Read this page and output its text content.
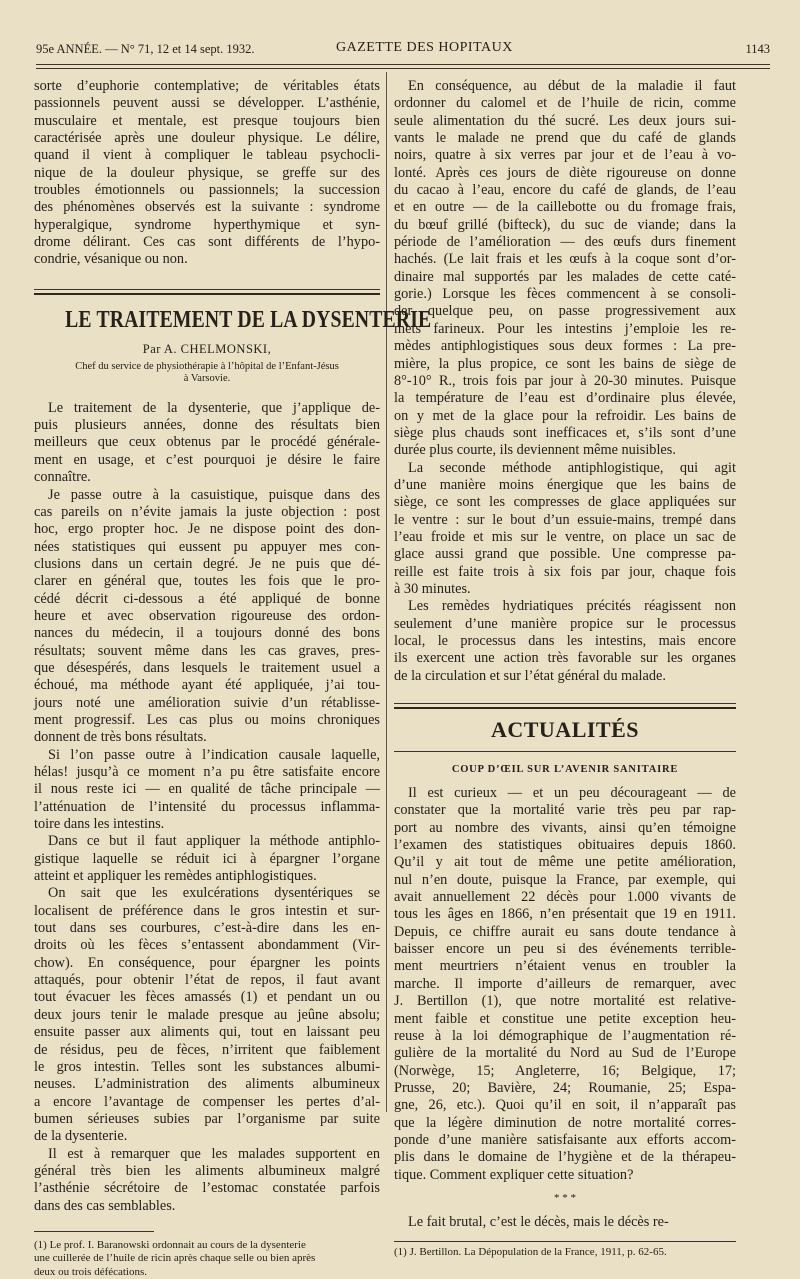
95e ANNÉE. — N° 71, 12 et 14 sept. 1932.	GAZETTE DES HOPITAUX	1143

sorte d’euphorie contemplative; de véritables états

passionnels peuvent aussi se développer. L’asthénie,

musculaire et mentale, est presque toujours bien

caractérisée après une douleur physique. Le délire,

quand il vient à compliquer le tableau psychocli-

nique de la douleur physique, se greffe sur des

troubles émotionnels ou passionnels; la succession

des phénomènes observés est la suivante : syndrome

hyperalgique, syndrome hyperthymique et syn-

drome délirant. Ces cas sont différents de l’hypo-

condrie, vésanique ou non.

LE TRAITEMENT DE LA DYSENTERIE
Par A. CHELMONSKI,
Chef du service de physiothérapie à l’hôpital de l’Enfant-Jésus
à Varsovie.

Le traitement de la dysenterie, que j’applique de-

puis plusieurs années, donne des résultats bien

meilleurs que ceux obtenus par le procédé générale-

ment en usage, et c’est pourquoi je désire le faire

connaître.

Je passe outre à la casuistique, puisque dans des

cas pareils on n’évite jamais la juste objection : post

hoc, ergo propter hoc. Je ne dispose point des don-

nées statistiques qui eussent pu appuyer mes con-

clusions dans un certain degré. Je ne puis que dé-

clarer en général que, toutes les fois que le pro-

cédé décrit ci-dessous a été appliqué de bonne

heure et avec observation rigoureuse des ordon-

nances du médecin, il a toujours donné des bons

résultats; souvent même dans les cas graves, pres-

que désespérés, dans lesquels le traitement usuel a

échoué, ma méthode ayant été appliquée, j’ai tou-

jours noté une amélioration suivie d’un rétablisse-

ment progressif. Les cas plus ou moins chroniques

donnent de très bons résultats.

Si l’on passe outre à l’indication causale laquelle,

hélas! jusqu’à ce moment n’a pu être satisfaite encore

il nous reste ici — en qualité de tâche principale —

l’atténuation de l’intensité du processus inflamma-

toire dans les intestins.

Dans ce but il faut appliquer la méthode antiphlo-

gistique laquelle se réduit ici à épargner l’organe

atteint et appliquer les remèdes antiphlogistiques.

On sait que les exulcérations dysentériques se

localisent de préférence dans le gros intestin et sur-

tout dans ses courbures, c’est-à-dire dans les en-

droits où les fèces s’entassent abondamment (Vir-

chow). En conséquence, pour épargner les points

attaqués, pour obtenir l’état de repos, il faut avant

tout évacuer les fèces amassés (1) et pendant un ou

deux jours tenir le malade presque au jeûne absolu;

ensuite passer aux aliments qui, tout en laissant peu

de résidus, peu de fèces, n’irritent que faiblement

le gros intestin. Telles sont les substances albumi-

neuses. L’administration des aliments albumineux

a encore l’avantage de compenser les pertes d’al-

bumen sérieuses subies par l’organisme par suite

de la dysenterie.

Il est à remarquer que les malades supportent en

général très bien les aliments albumineux malgré

l’asthénie sécrétoire de l’estomac constatée parfois

dans des cas semblables.

(1) Le prof. I. Baranowski ordonnait au cours de la dysenterie
une cuillerée de l’huile de ricin après chaque selle ou bien après
deux ou trois défécations.

En conséquence, au début de la maladie il faut

ordonner du calomel et de l’huile de ricin, comme

seule alimentation du thé sucré. Les deux jours sui-

vants le malade ne prend que du café de glands

noirs, quatre à six verres par jour et de l’eau à vo-

lonté. Après ces jours de diète rigoureuse on donne

du cacao à l’eau, encore du café de glands, de l’eau

et en outre — de la caillebotte ou du fromage frais,

du bœuf grillé (bifteck), du suc de viande; dans la

période de l’amélioration — des œufs durs finement

hachés. (Le lait frais et les œufs à la coque sont d’or-

dinaire mal supportés par les malades de cette caté-

gorie.) Lorsque les fèces commencent à se consoli-

der quelque peu, on passe progressivement aux

mets farineux. Pour les intestins j’emploie les re-

mèdes antiphlogistiques sous deux formes : La pre-

mière, la plus propice, ce sont les bains de siège de

8°-10° R., trois fois par jour à 20-30 minutes. Puisque

la température de l’eau est d’ordinaire plus élevée,

on y met de la glace pour la refroidir. Les bains de

siège plus chauds sont inefficaces et, s’ils sont d’une

durée plus courte, ils deviennent même nuisibles.

La seconde méthode antiphlogistique, qui agit

d’une manière moins énergique que les bains de

siège, ce sont les compresses de glace appliquées sur

le ventre : sur le bout d’un essuie-mains, trempé dans

l’eau froide et mis sur le ventre, on place un sac de

glace aussi grand que possible. Une compresse pa-

reille est faite trois à six fois par jour, chaque fois

à 30 minutes.

Les remèdes hydriatiques précités réagissent non

seulement d’une manière propice sur le processus

local, le processus dans les intestins, mais encore

ils exercent une action très favorable sur les organes

de la circulation et sur l’état général du malade.

ACTUALITÉS
COUP D’ŒIL SUR L’AVENIR SANITAIRE

Il est curieux — et un peu décourageant — de

constater que la mortalité varie très peu par rap-

port au nombre des vivants, ainsi qu’en témoigne

l’examen des statistiques obituaires depuis 1860.

Qu’il y ait tout de même une petite amélioration,

nul n’en doute, puisque la France, par exemple, qui

avait annuellement 22 décès pour 1.000 vivants de

tous les âges en 1866, n’en présentait que 19 en 1911.

Depuis, ce chiffre aurait eu sans doute tendance à

baisser encore un peu si des événements terrible-

ment meurtriers n’étaient venus en troubler la

marche. Il importe d’ailleurs de remarquer, avec

J. Bertillon (1), que notre mortalité est relative-

ment faible et constitue une petite exception heu-

reuse à la loi démographique de l’augmentation ré-

gulière de la mortalité du Nord au Sud de l’Europe

(Norwège, 15; Angleterre, 16; Belgique, 17;

Prusse, 20; Bavière, 24; Roumanie, 25; Espa-

gne, 26, etc.). Quoi qu’il en soit, il n’apparaît pas

que la légère diminution de notre mortalité corres-

ponde d’une manière satisfaisante aux efforts accom-

plis dans le domaine de l’hygiène et de la thérapeu-

tique. Comment expliquer cette situation?

* * *

Le fait brutal, c’est le décès, mais le décès re-

(1) J. Bertillon. La Dépopulation de la France, 1911, p. 62-65.
